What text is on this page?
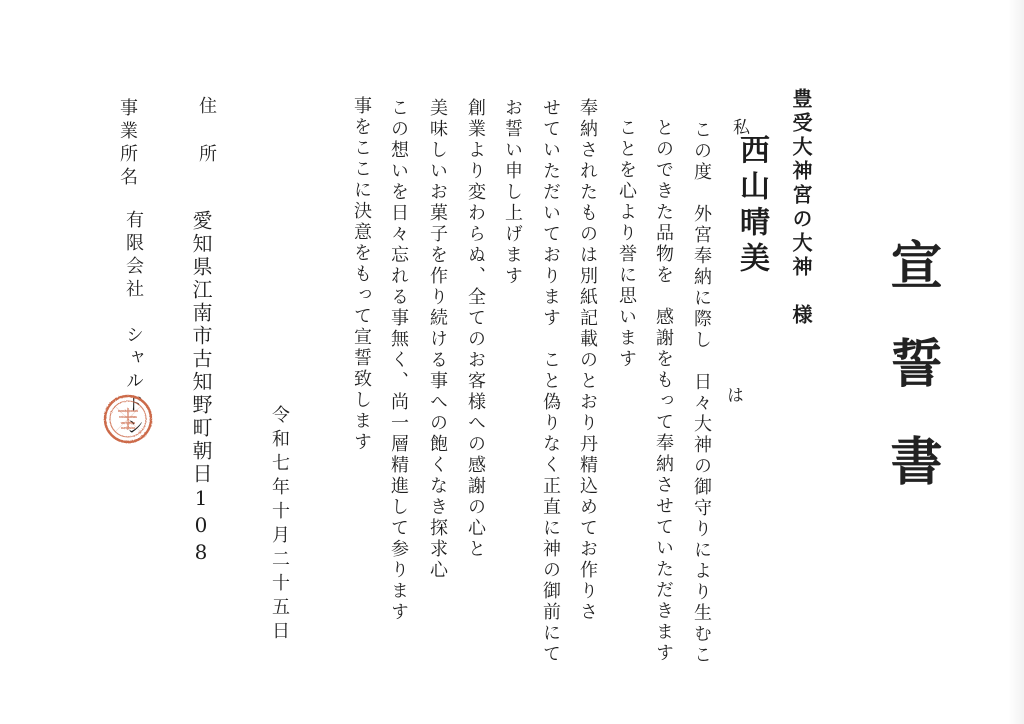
宣誓書
豊受大神宮の大神　様
私
西山晴美
は
この度　外宮奉納に際し　日々大神の御守りにより生むこ
とのできた品物を　感謝をもって奉納させていただきます
ことを心より誉に思います
奉納されたものは別紙記載のとおり丹精込めてお作りさ
せていただいております　こと偽りなく正直に神の御前にて
お誓い申し上げます
創業より変わらぬ、全てのお客様への感謝の心と
美味しいお菓子を作り続ける事への飽くなき探求心
この想いを日々忘れる事無く、尚一層精進して参ります
事をここに決意をもって宣誓致します
令和七年十月二十五日
住　所
愛知県江南市古知野町朝日108
事業所名
有限会社　シャルドン
